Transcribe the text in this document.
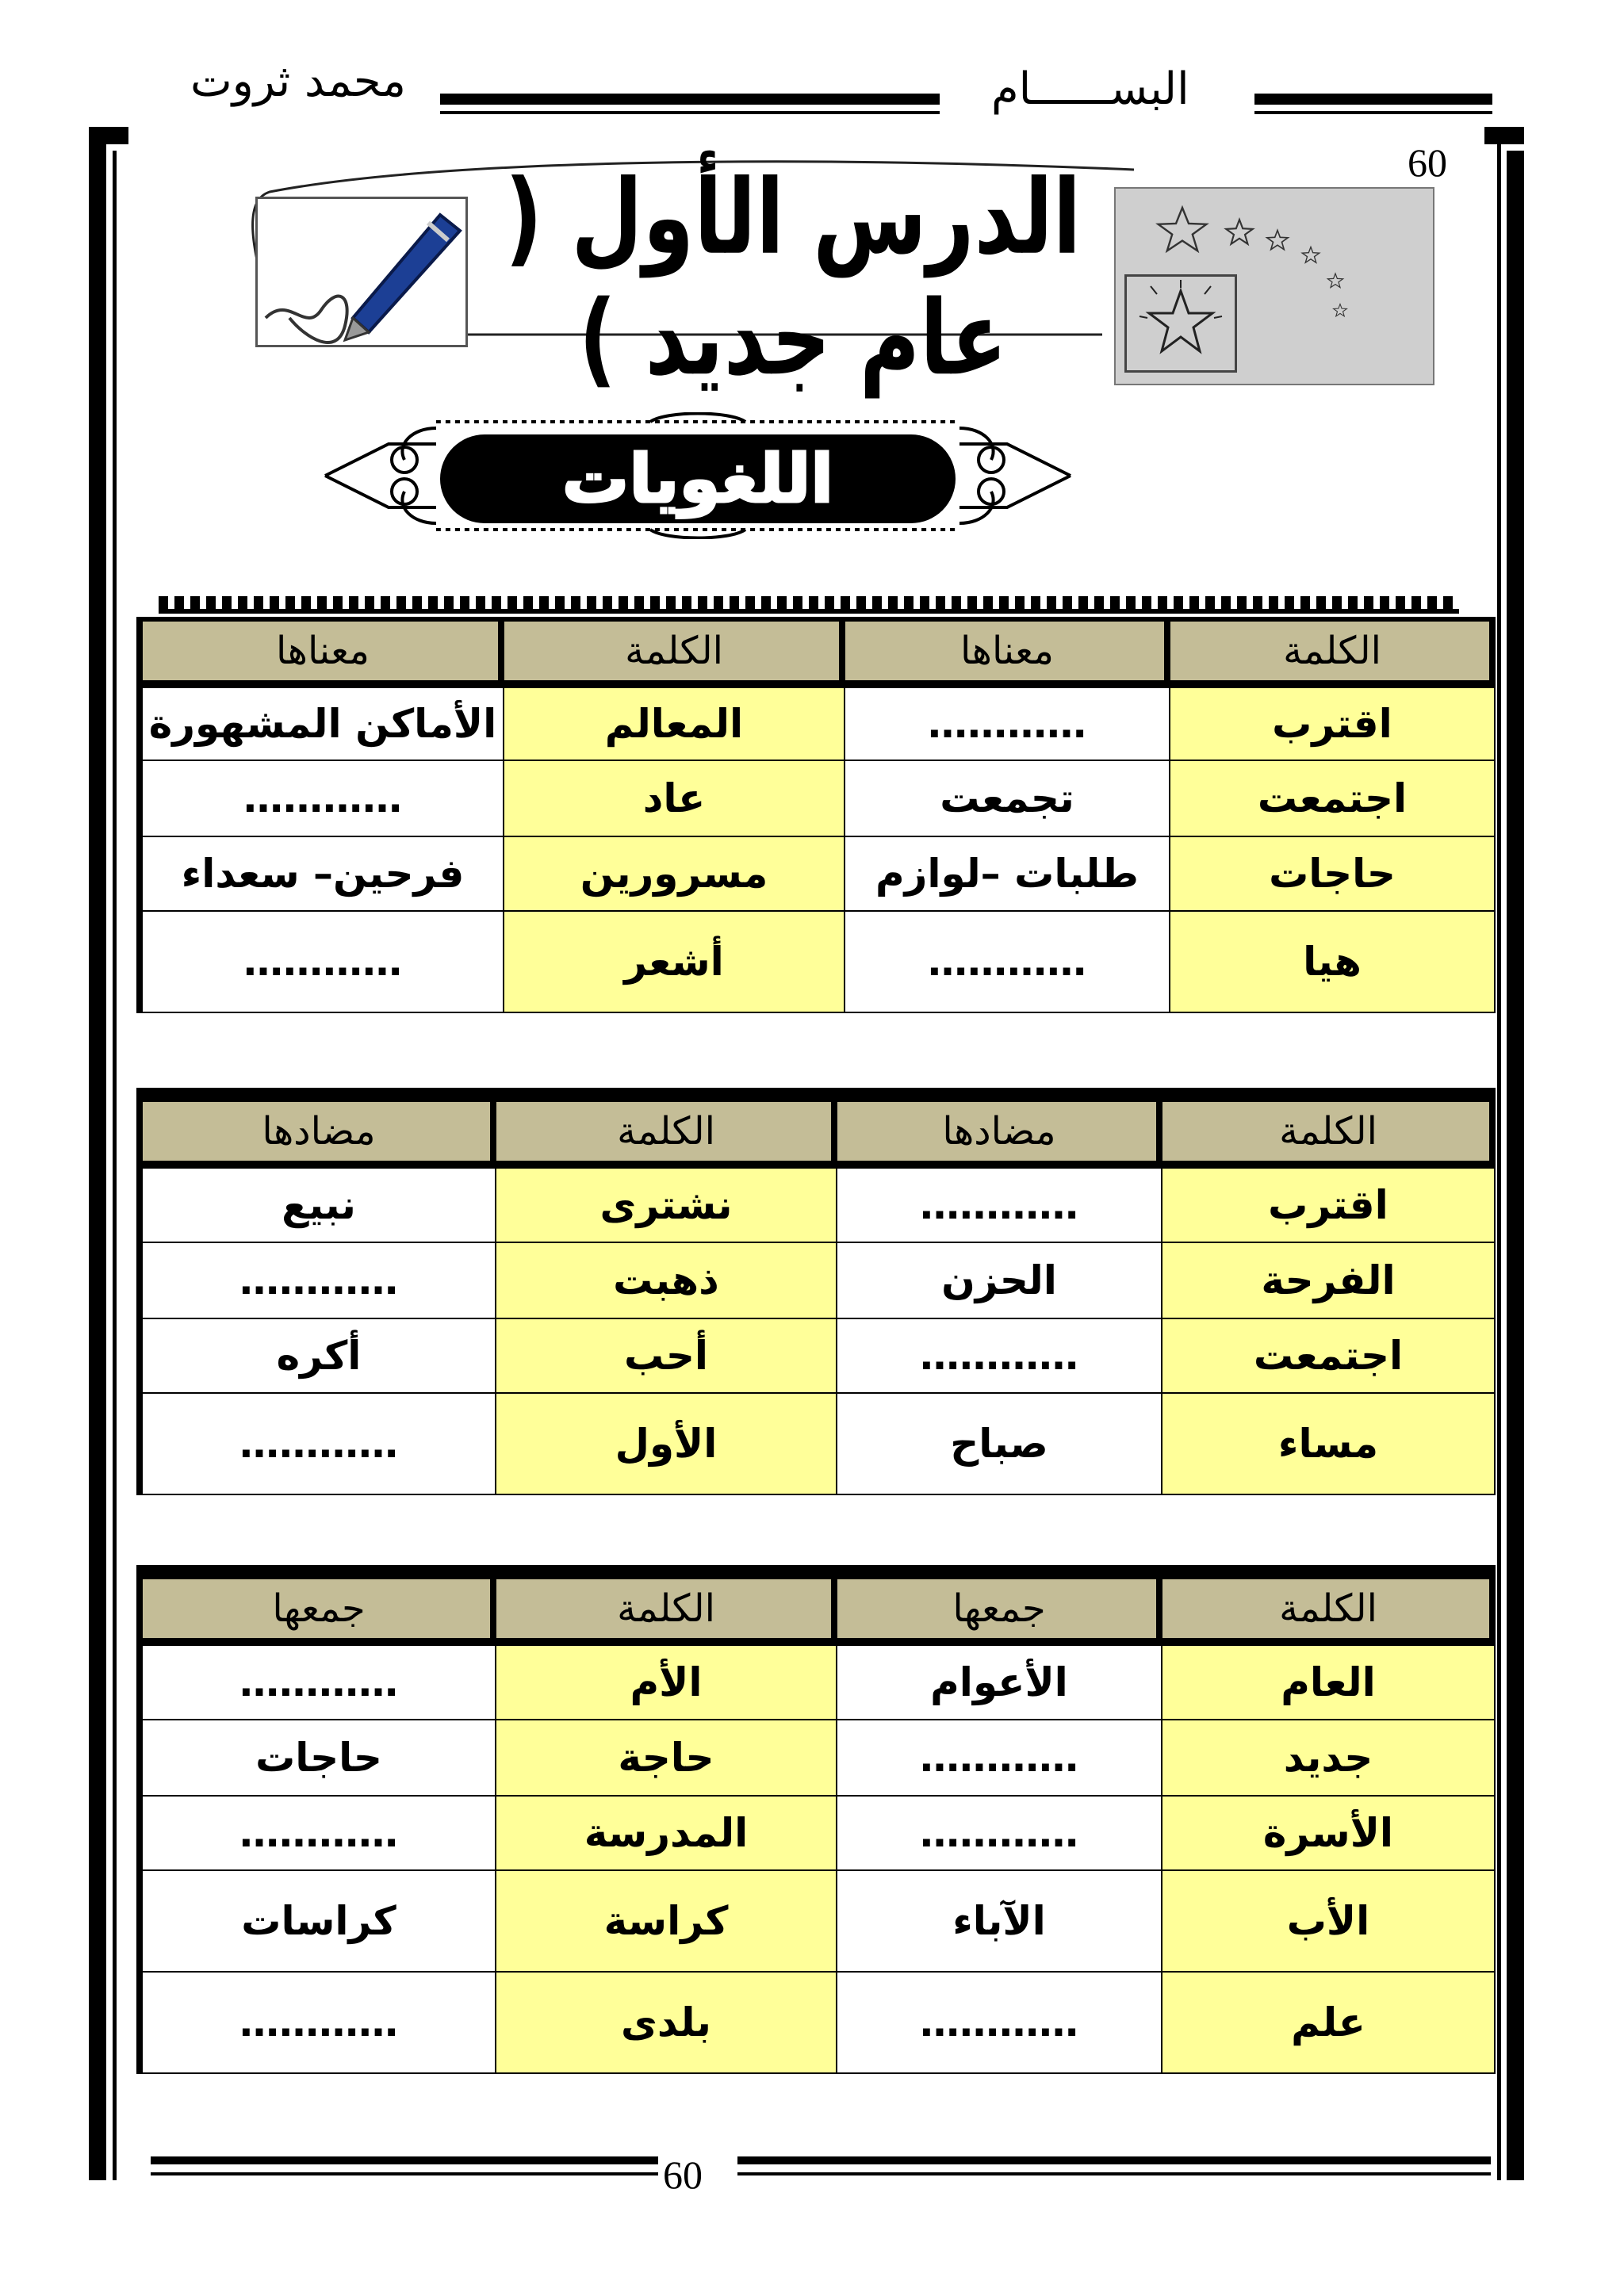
محمد ثروت	البســــــام
60
الدرس الأول ( عام جديد )
اللغويات
الكلمة	معناها	الكلمة	معناها
اقترب	…………	المعالم	الأماكن المشهورة
اجتمعت	تجمعت	عاد	…………
حاجات	طلبات –لوازم	مسرورين	فرحين– سعداء
هيا	…………	أشعر	…………
الكلمة	مضادها	الكلمة	مضادها
اقترب	…………	نشترى	نبيع
الفرحة	الحزن	ذهبت	…………
اجتمعت	…………	أحب	أكره
مساء	صباح	الأول	…………
الكلمة	جمعها	الكلمة	جمعها
العام	الأعوام	الأم	…………
جديد	…………	حاجة	حاجات
الأسرة	…………	المدرسة	…………
الأب	الآباء	كراسة	كراسات
علم	…………	بلدى	…………
60
